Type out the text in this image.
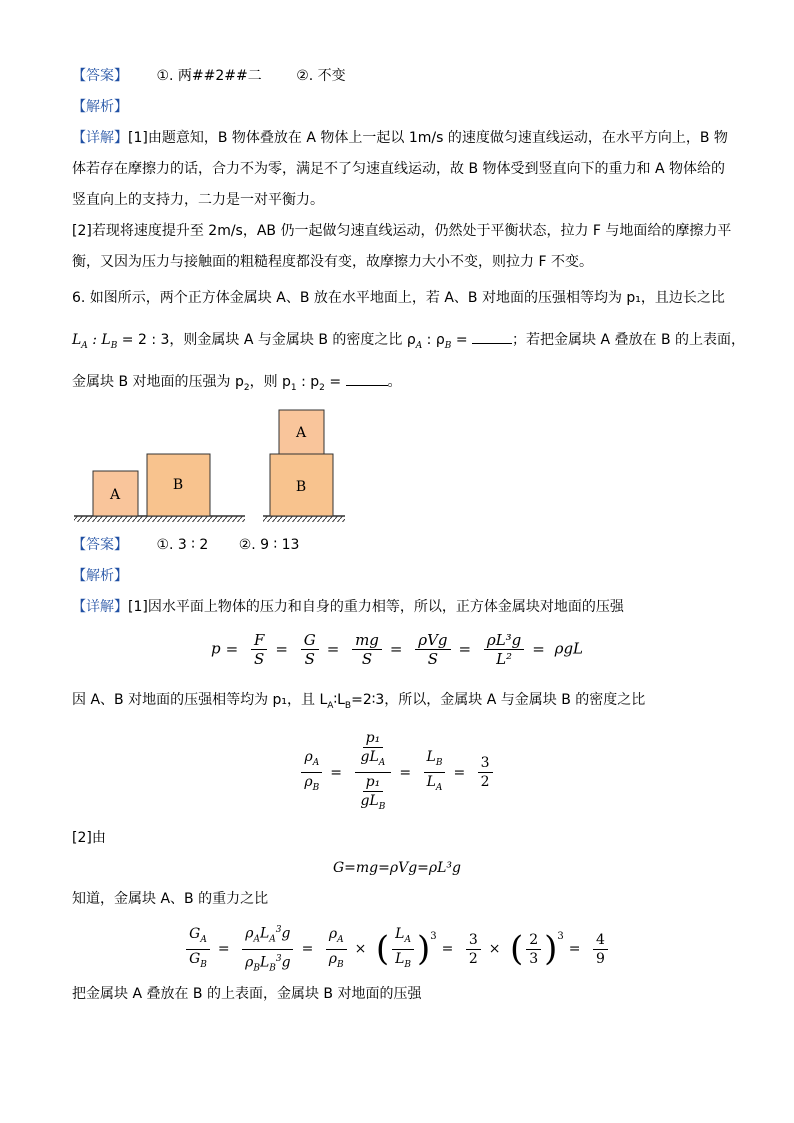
【答案】 ①. 两##2##二 ②. 不变
【解析】
【详解】[1]由题意知，B 物体叠放在 A 物体上一起以 1m/s 的速度做匀速直线运动，在水平方向上，B 物
体若存在摩擦力的话，合力不为零，满足不了匀速直线运动，故 B 物体受到竖直向下的重力和 A 物体给的
竖直向上的支持力，二力是一对平衡力。
[2]若现将速度提升至 2m/s，AB 仍一起做匀速直线运动，仍然处于平衡状态，拉力 F 与地面给的摩擦力平
衡，又因为压力与接触面的粗糙程度都没有变，故摩擦力大小不变，则拉力 F 不变。
6. 如图所示，两个正方体金属块 A、B 放在水平地面上，若 A、B 对地面的压强相等均为 p₁，且边长之比
$L_A$ : $L_B = 2$ : 3，则金属块 A 与金属块 B 的密度之比 $\rho_A$ : $\rho_B$ =	；若把金属块 A 叠放在 B 的上表面，
金属块 B 对地面的压强为 $p_2$，则 $p_1$ : $p_2$ =	。
A
B	B
A
【答案】 ①. 3 ∶ 2 ②. 9 ∶ 13
【解析】
【详解】[1]因水平面上物体的压力和自身的重力相等，所以，正方体金属块对地面的压强
$p = \frac{F}{S} = \frac{G}{S} = \frac{mg}{S} = \frac{\text{ρVg}}{S} = \frac{\text{ρL³g}}{\text{L²}} = \rho gL$
因 A、B 对地面的压强相等均为 p₁，且 $L_A∶L_B=2∶3$，所以，金属块 A 与金属块 B 的密度之比
$\frac{\rho_A}{\rho_B} = \frac{\frac{\text{p₁}}{gL_A}}{\frac{\text{p₁}}{gL_B}} = \frac{L_B}{L_A} = \frac{3}{2}$
[2]由
G=mg=ρVg=ρL³g
知道，金属块 A、B 的重力之比
$\frac{G_A}{G_B} = \frac{\rho_AL_A^3g}{\rho_BL_B^3g} = \frac{\rho_A}{\rho_B}$ × ( $\frac{L_A}{L_B} )^3= \frac{3}{2}$ × ( $\frac{2}{3} )^3= \frac{4}{9}$
把金属块 A 叠放在 B 的上表面，金属块 B 对地面的压强
